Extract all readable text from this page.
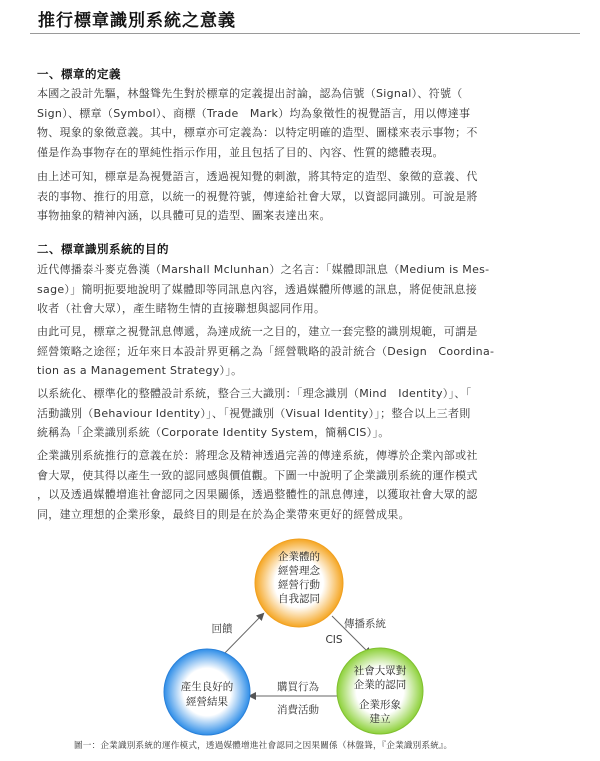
推行標章識別系統之意義
一、標章的定義
本國之設計先驅，林盤聳先生對於標章的定義提出討論，認為信號（Signal）、符號（
Sign）、標章（Symbol）、商標（Trade　Mark）均為象徵性的視覺語言，用以傳達事
物、現象的象徵意義。其中，標章亦可定義為：以特定明確的造型、圖樣來表示事物；不
僅是作為事物存在的單純性指示作用，並且包括了目的、內容、性質的總體表現。
由上述可知，標章是為視覺語言，透過視知覺的刺激，將其特定的造型、象徵的意義、代
表的事物、推行的用意，以統一的視覺符號，傳達給社會大眾，以資認同識別。可說是將
事物抽象的精神內涵，以具體可見的造型、圖案表達出來。
二、標章識別系統的目的
近代傳播泰斗麥克魯漢（Marshall Mclunhan）之名言：「媒體即訊息（Medium is Mes-
sage）」簡明扼要地說明了媒體即等同訊息內容，透過媒體所傳遞的訊息，將促使訊息接
收者（社會大眾），產生睹物生情的直接聯想與認同作用。
由此可見，標章之視覺訊息傳遞，為達成統一之目的，建立一套完整的識別規範，可謂是
經營策略之途徑；近年來日本設計界更稱之為「經營戰略的設計統合（Design　Coordina-
tion as a Management Strategy）」。
以系統化、標準化的整體設計系統，整合三大識別：「理念識別（Mind　Identity）」、「
活動識別（Behaviour Identity）」、「視覺識別（Visual Identity）」；整合以上三者則
統稱為「企業識別系統（Corporate Identity System，簡稱CIS）」。
企業識別系統推行的意義在於：將理念及精神透過完善的傳達系統，傳導於企業內部或社
會大眾，使其得以產生一致的認同感與價值觀。下圖一中說明了企業識別系統的運作模式
，以及透過媒體增進社會認同之因果關係，透過整體性的訊息傳達，以獲取社會大眾的認
同，建立理想的企業形象，最終目的則是在於為企業帶來更好的經營成果。
企業體的
經營理念
經營行動
自我認同
社會大眾對
企業的認同
企業形象
建立
產生良好的
經營結果
回饋	傳播系統
CIS
購買行為
消費活動
圖一：企業識別系統的運作模式，透過媒體增進社會認同之因果關係（林盤聳，『企業識別系統』。
